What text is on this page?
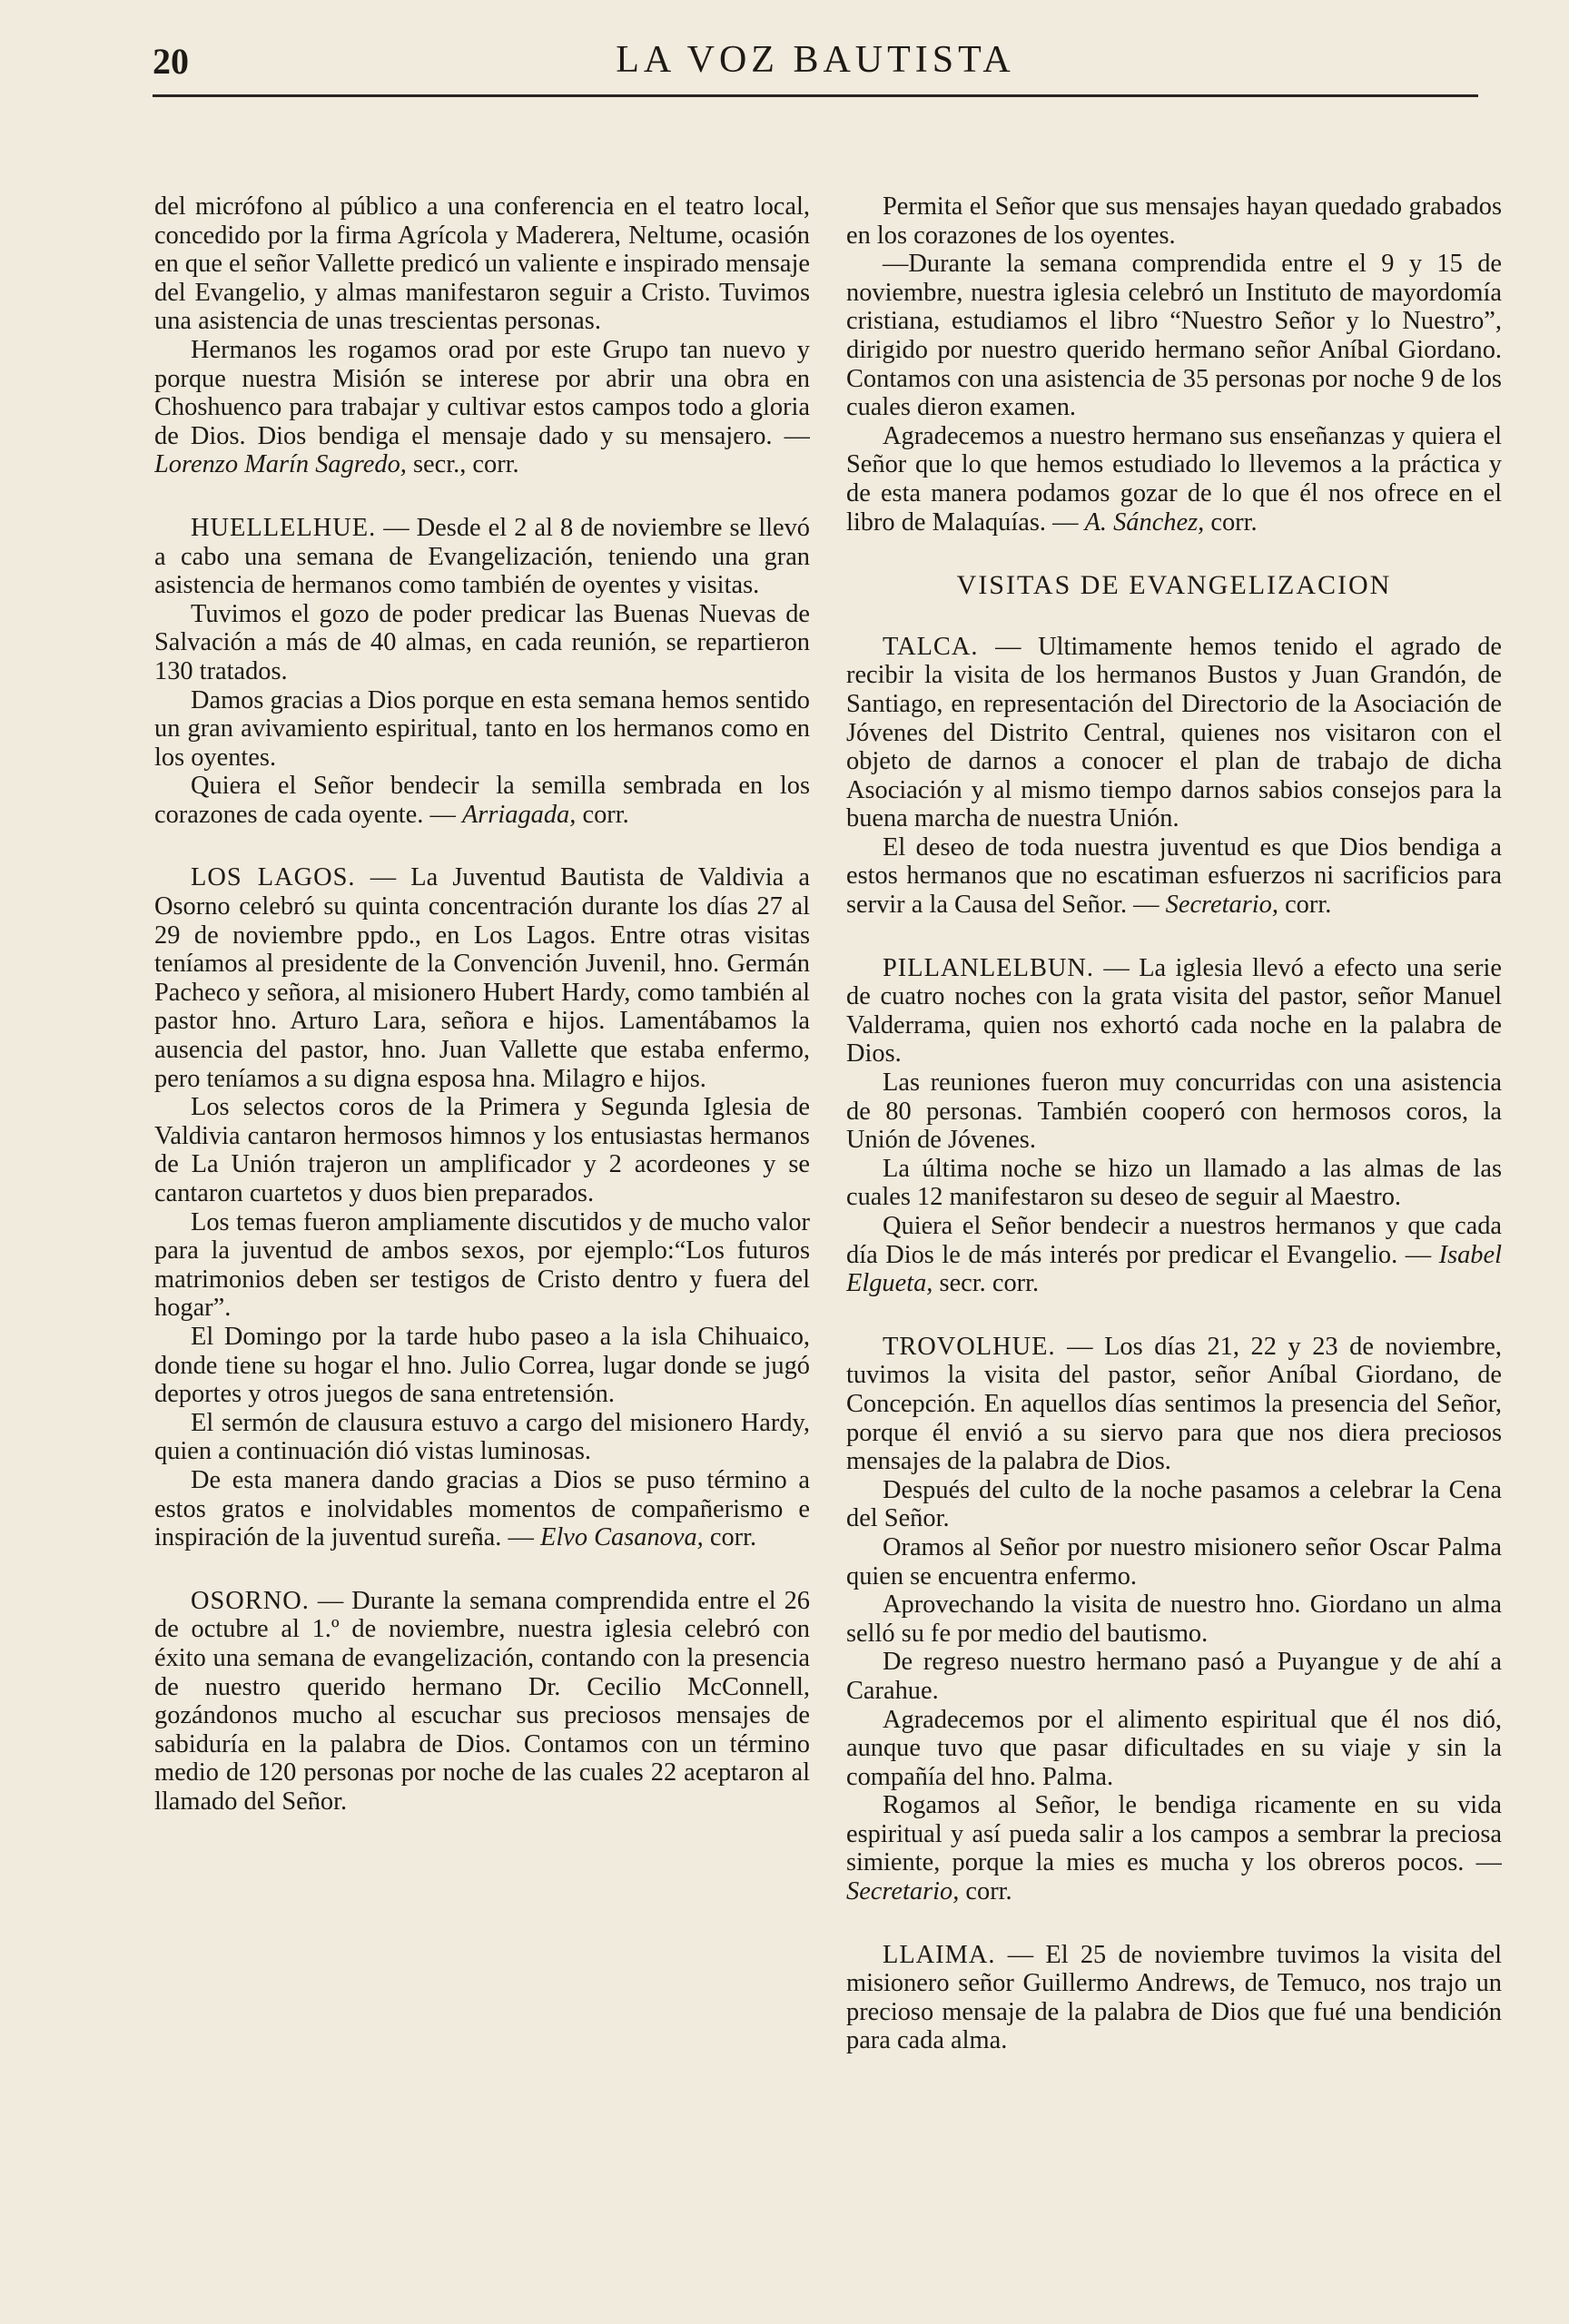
20	LA VOZ BAUTISTA

del micrófono al público a una conferencia en el teatro local, concedido por la firma Agrícola y Maderera, Neltume, ocasión en que el señor Vallette predicó un valiente e inspirado mensaje del Evangelio, y almas manifestaron seguir a Cristo. Tuvimos una asistencia de unas trescientas personas.

Hermanos les rogamos orad por este Grupo tan nuevo y porque nuestra Misión se interese por abrir una obra en Choshuenco para trabajar y cultivar estos campos todo a gloria de Dios. Dios bendiga el mensaje dado y su mensajero. — Lorenzo Marín Sagredo, secr., corr.

HUELLELHUE. — Desde el 2 al 8 de noviembre se llevó a cabo una semana de Evangelización, teniendo una gran asistencia de hermanos como también de oyentes y visitas.

Tuvimos el gozo de poder predicar las Buenas Nuevas de Salvación a más de 40 almas, en cada reunión, se repartieron 130 tratados.

Damos gracias a Dios porque en esta semana hemos sentido un gran avivamiento espiritual, tanto en los hermanos como en los oyentes.

Quiera el Señor bendecir la semilla sembrada en los corazones de cada oyente. — Arriagada, corr.

LOS LAGOS. — La Juventud Bautista de Valdivia a Osorno celebró su quinta concentración durante los días 27 al 29 de noviembre ppdo., en Los Lagos. Entre otras visitas teníamos al presidente de la Convención Juvenil, hno. Germán Pacheco y señora, al misionero Hubert Hardy, como también al pastor hno. Arturo Lara, señora e hijos. Lamentábamos la ausencia del pastor, hno. Juan Vallette que estaba enfermo, pero teníamos a su digna esposa hna. Milagro e hijos.

Los selectos coros de la Primera y Segunda Iglesia de Valdivia cantaron hermosos himnos y los entusiastas hermanos de La Unión trajeron un amplificador y 2 acordeones y se cantaron cuartetos y duos bien preparados.

Los temas fueron ampliamente discutidos y de mucho valor para la juventud de ambos sexos, por ejemplo:“Los futuros matrimonios deben ser testigos de Cristo dentro y fuera del hogar”.

El Domingo por la tarde hubo paseo a la isla Chihuaico, donde tiene su hogar el hno. Julio Correa, lugar donde se jugó deportes y otros juegos de sana entretensión.

El sermón de clausura estuvo a cargo del misionero Hardy, quien a continuación dió vistas luminosas.

De esta manera dando gracias a Dios se puso término a estos gratos e inolvidables momentos de compañerismo e inspiración de la juventud sureña. — Elvo Casanova, corr.

OSORNO. — Durante la semana comprendida entre el 26 de octubre al 1.º de noviembre, nuestra iglesia celebró con éxito una semana de evangelización, contando con la presencia de nuestro querido hermano Dr. Cecilio McConnell, gozándonos mucho al escuchar sus preciosos mensajes de sabiduría en la palabra de Dios. Contamos con un término medio de 120 personas por noche de las cuales 22 aceptaron al llamado del Señor.

Permita el Señor que sus mensajes hayan quedado grabados en los corazones de los oyentes.

—Durante la semana comprendida entre el 9 y 15 de noviembre, nuestra iglesia celebró un Instituto de mayordomía cristiana, estudiamos el libro “Nuestro Señor y lo Nuestro”, dirigido por nuestro querido hermano señor Aníbal Giordano. Contamos con una asistencia de 35 personas por noche 9 de los cuales dieron examen.

Agradecemos a nuestro hermano sus enseñanzas y quiera el Señor que lo que hemos estudiado lo llevemos a la práctica y de esta manera podamos gozar de lo que él nos ofrece en el libro de Malaquías. — A. Sánchez, corr.

VISITAS DE EVANGELIZACION

TALCA. — Ultimamente hemos tenido el agrado de recibir la visita de los hermanos Bustos y Juan Grandón, de Santiago, en representación del Directorio de la Asociación de Jóvenes del Distrito Central, quienes nos visitaron con el objeto de darnos a conocer el plan de trabajo de dicha Asociación y al mismo tiempo darnos sabios consejos para la buena marcha de nuestra Unión.

El deseo de toda nuestra juventud es que Dios bendiga a estos hermanos que no escatiman esfuerzos ni sacrificios para servir a la Causa del Señor. — Secretario, corr.

PILLANLELBUN. — La iglesia llevó a efecto una serie de cuatro noches con la grata visita del pastor, señor Manuel Valderrama, quien nos exhortó cada noche en la palabra de Dios.

Las reuniones fueron muy concurridas con una asistencia de 80 personas. También cooperó con hermosos coros, la Unión de Jóvenes.

La última noche se hizo un llamado a las almas de las cuales 12 manifestaron su deseo de seguir al Maestro.

Quiera el Señor bendecir a nuestros hermanos y que cada día Dios le de más interés por predicar el Evangelio. — Isabel Elgueta, secr. corr.

TROVOLHUE. — Los días 21, 22 y 23 de noviembre, tuvimos la visita del pastor, señor Aníbal Giordano, de Concepción. En aquellos días sentimos la presencia del Señor, porque él envió a su siervo para que nos diera preciosos mensajes de la palabra de Dios.

Después del culto de la noche pasamos a celebrar la Cena del Señor.

Oramos al Señor por nuestro misionero señor Oscar Palma quien se encuentra enfermo.

Aprovechando la visita de nuestro hno. Giordano un alma selló su fe por medio del bautismo.

De regreso nuestro hermano pasó a Puyangue y de ahí a Carahue.

Agradecemos por el alimento espiritual que él nos dió, aunque tuvo que pasar dificultades en su viaje y sin la compañía del hno. Palma.

Rogamos al Señor, le bendiga ricamente en su vida espiritual y así pueda salir a los campos a sembrar la preciosa simiente, porque la mies es mucha y los obreros pocos. — Secretario, corr.

LLAIMA. — El 25 de noviembre tuvimos la visita del misionero señor Guillermo Andrews, de Temuco, nos trajo un precioso mensaje de la palabra de Dios que fué una bendición para cada alma.
